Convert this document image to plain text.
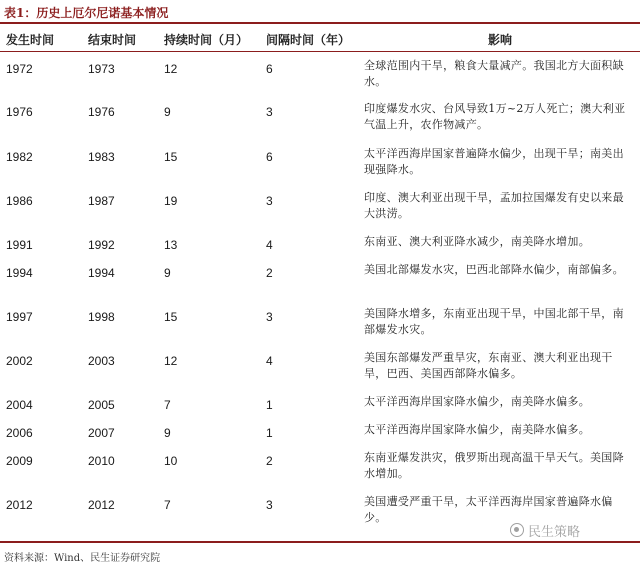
表1：历史上厄尔尼诺基本情况
发生时间	结束时间 持续时间（月） 间隔时间（年）	影响
1972	1973	12	6	全球范围内干旱，粮食大量减产。我国北方大面积缺水。
1976	1976	9	3	印度爆发水灾、台风导致1万~2万人死亡；澳大利亚气温上升，农作物减产。
1982	1983	15	6	太平洋西海岸国家普遍降水偏少，出现干旱；南美出现强降水。
1986	1987	19	3	印度、澳大利亚出现干旱，孟加拉国爆发有史以来最大洪涝。
1991	1992	13	4	东南亚、澳大利亚降水减少，南美降水增加。
1994	1994	9	2	美国北部爆发水灾，巴西北部降水偏少，南部偏多。
1997	1998	15	3	美国降水增多，东南亚出现干旱，中国北部干旱，南部爆发水灾。
2002	2003	12	4	美国东部爆发严重旱灾，东南亚、澳大利亚出现干旱，巴西、美国西部降水偏多。
2004	2005	7	1	太平洋西海岸国家降水偏少，南美降水偏多。
2006	2007	9	1	太平洋西海岸国家降水偏少，南美降水偏多。
2009	2010	10	2	东南亚爆发洪灾，俄罗斯出现高温干旱天气。美国降水增加。
2012	2012	7	3	美国遭受严重干旱，太平洋西海岸国家普遍降水偏少。
民生策略
资料来源：Wind、民生证券研究院
